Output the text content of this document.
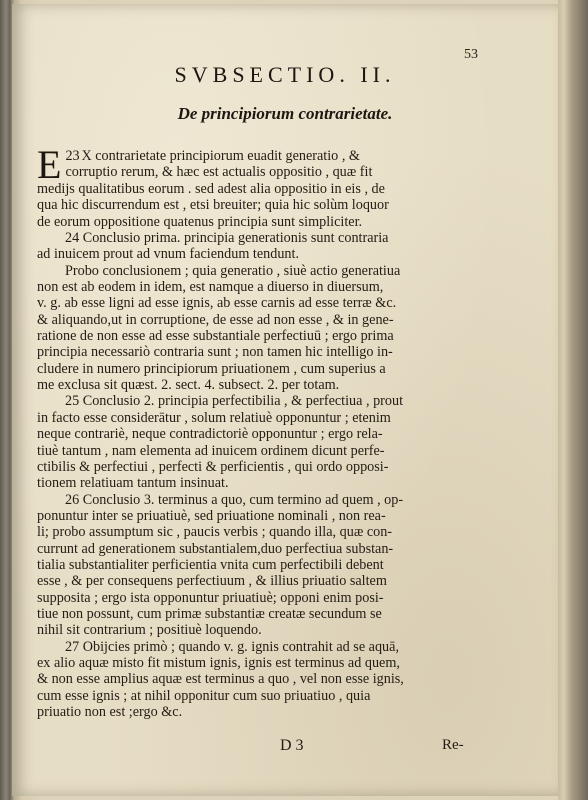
53
SVBSECTIO. II.
De principiorum contrarietate.
23
E X contrarietate principiorum euadit generatio , &
corruptio rerum, & hæc est actualis oppositio , quæ fit
medijs qualitatibus eorum . sed adest alia oppositio in eis , de
qua hic discurrendum est , etsi breuiter; quia hic solùm loquor
de eorum oppositione quatenus principia sunt simpliciter.
24 Conclusio prima. principia generationis sunt contraria
ad inuicem prout ad vnum faciendum tendunt.
Probo conclusionem ; quia generatio , siuè actio generatiua
non est ab eodem in idem, est namque a diuerso in diuersum,
v. g. ab esse ligni ad esse ignis, ab esse carnis ad esse terræ &c.
& aliquando,ut in corruptione, de esse ad non esse , & in gene-
ratione de non esse ad esse substantiale perfectiuū ; ergo prima
principia necessariò contraria sunt ; non tamen hic intelligo in-
cludere in numero principiorum priuationem , cum superius a
me exclusa sit quæst. 2. sect. 4. subsect. 2. per totam.
25 Conclusio 2. principia perfectibilia , & perfectiua , prout
in facto esse considerātur , solum relatiuè opponuntur ; etenim
neque contrariè, neque contradictoriè opponuntur ; ergo rela-
tiuè tantum , nam elementa ad inuicem ordinem dicunt perfe-
ctibilis & perfectiui , perfecti & perficientis , qui ordo opposi-
tionem relatiuam tantum insinuat.
26 Conclusio 3. terminus a quo, cum termino ad quem , op-
ponuntur inter se priuatiuè, sed priuatione nominali , non rea-
li; probo assumptum sic , paucis verbis ; quando illa, quæ con-
currunt ad generationem substantialem,duo perfectiua substan-
tialia substantialiter perficientia vnita cum perfectibili debent
esse , & per consequens perfectiuum , & illius priuatio saltem
supposita ; ergo ista opponuntur priuatiuè; opponi enim posi-
tiue non possunt, cum primæ substantiæ creatæ secundum se
nihil sit contrarium ; positiuè loquendo.
27 Obijcies primò ; quando v. g. ignis contrahit ad se aquā,
ex alio aquæ misto fit mistum ignis, ignis est terminus ad quem,
& non esse amplius aquæ est terminus a quo , vel non esse ignis,
cum esse ignis ; at nihil opponitur cum suo priuatiuo , quia
priuatio non est ;ergo &c.
D 3	Re-
